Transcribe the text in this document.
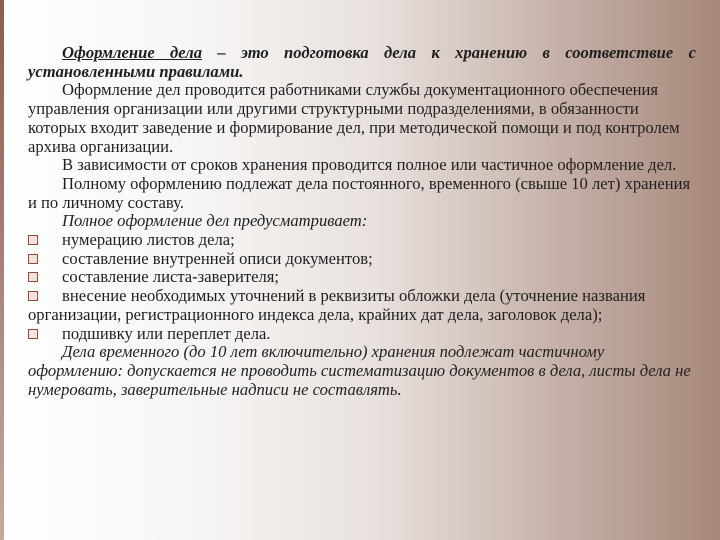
Оформление дела – это подготовка дела к хранению в соответствие с установленными правилами.

Оформление дел проводится работниками службы документационного обеспечения управления организации или другими структурными подразделениями, в обязанности которых входит заведение и формирование дел, при методической помощи и под контролем архива организации.

В зависимости от сроков хранения проводится полное или частичное оформление дел.

Полному оформлению подлежат дела постоянного, временного (свыше 10 лет) хранения и по личному составу.

Полное оформление дел предусматривает:

нумерацию листов дела;

составление внутренней описи документов;

составление листа-заверителя;

внесение необходимых уточнений в реквизиты обложки дела (уточнение названия организации, регистрационного индекса дела, крайних дат дела, заголовок дела);

подшивку или переплет дела.

Дела временного (до 10 лет включительно) хранения подлежат частичному оформлению: допускается не проводить систематизацию документов в дела, листы дела не нумеровать, заверительные надписи не составлять.
